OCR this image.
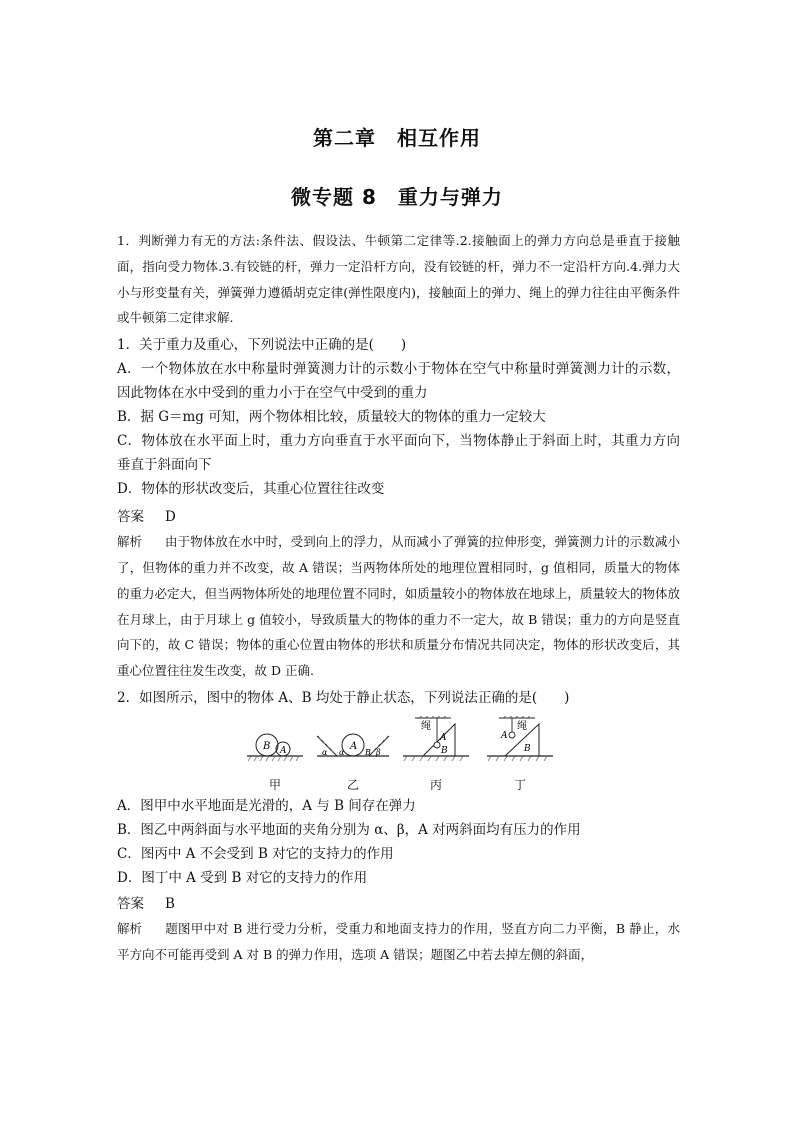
第二章　相互作用
微专题 8　重力与弹力

1．判断弹力有无的方法:条件法、假设法、牛顿第二定律等.2.接触面上的弹力方向总是垂直于接触面，指向受力物体.3.有铰链的杆，弹力一定沿杆方向，没有铰链的杆，弹力不一定沿杆方向.4.弹力大小与形变量有关，弹簧弹力遵循胡克定律(弹性限度内)，接触面上的弹力、绳上的弹力往往由平衡条件或牛顿第二定律求解.

1．关于重力及重心，下列说法中正确的是(　　)

A．一个物体放在水中称量时弹簧测力计的示数小于物体在空气中称量时弹簧测力计的示数，因此物体在水中受到的重力小于在空气中受到的重力

B．据 G＝mg 可知，两个物体相比较，质量较大的物体的重力一定较大

C．物体放在水平面上时，重力方向垂直于水平面向下，当物体静止于斜面上时，其重力方向垂直于斜面向下

D．物体的形状改变后，其重心位置往往改变

答案 D

解析 由于物体放在水中时，受到向上的浮力，从而减小了弹簧的拉伸形变，弹簧测力计的示数减小了，但物体的重力并不改变，故 A 错误；当两物体所处的地理位置相同时，g 值相同，质量大的物体的重力必定大，但当两物体所处的地理位置不同时，如质量较小的物体放在地球上，质量较大的物体放在月球上，由于月球上 g 值较小，导致质量大的物体的重力不一定大，故 B 错误；重力的方向是竖直向下的，故 C 错误；物体的重心位置由物体的形状和质量分布情况共同决定，物体的形状改变后，其重心位置往往发生改变，故 D 正确.

2．如图所示，图中的物体 A、B 均处于静止状态，下列说法正确的是(　　)

B A
甲
A
α	β
α	B
乙
绳
A
B
丙
绳
A
B
丁

A．图甲中水平地面是光滑的，A 与 B 间存在弹力

B．图乙中两斜面与水平地面的夹角分别为 α、β，A 对两斜面均有压力的作用

C．图丙中 A 不会受到 B 对它的支持力的作用

D．图丁中 A 受到 B 对它的支持力的作用

答案 B

解析 题图甲中对 B 进行受力分析，受重力和地面支持力的作用，竖直方向二力平衡，B 静止，水平方向不可能再受到 A 对 B 的弹力作用，选项 A 错误；题图乙中若去掉左侧的斜面，
